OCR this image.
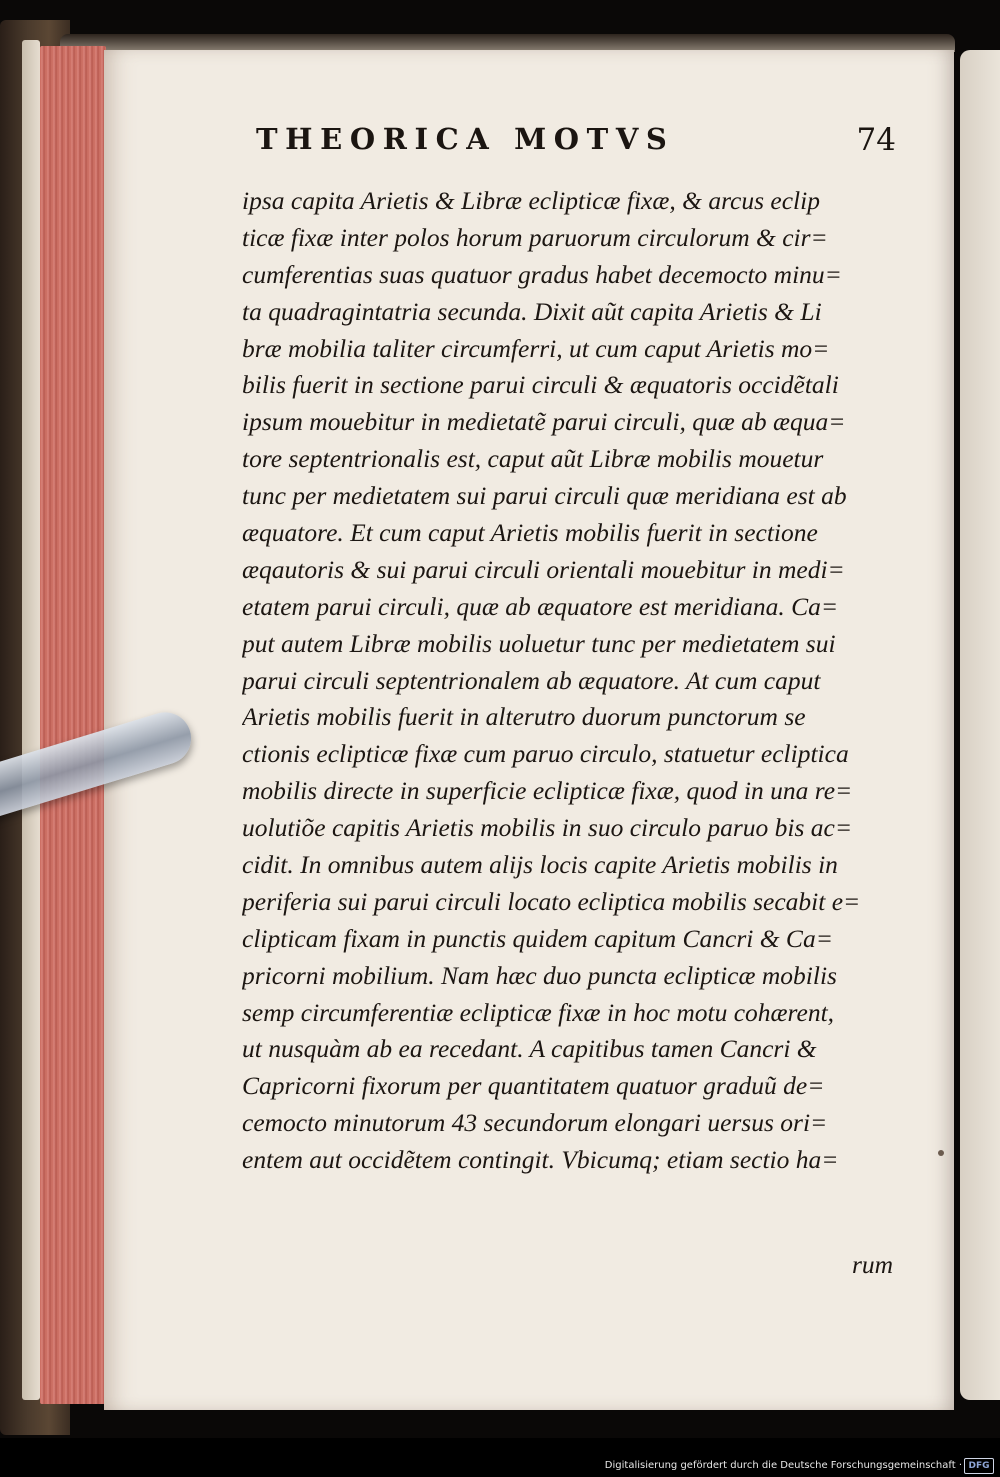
THEORICA MOTVS	74
ipsa capita Arietis & Libræ eclipticæ fixæ, & arcus eclip
ticæ fixæ inter polos horum paruorum circulorum & cir=
cumferentias suas quatuor gradus habet decemocto minu=
ta quadragintatria secunda. Dixit aũt capita Arietis & Li
bræ mobilia taliter circumferri, ut cum caput Arietis mo=
bilis fuerit in sectione parui circuli & æquatoris occidẽtali
ipsum mouebitur in medietatẽ parui circuli, quæ ab æqua=
tore septentrionalis est, caput aũt Libræ mobilis mouetur
tunc per medietatem sui parui circuli quæ meridiana est ab
æquatore. Et cum caput Arietis mobilis fuerit in sectione
æqautoris & sui parui circuli orientali mouebitur in medi=
etatem parui circuli, quæ ab æquatore est meridiana. Ca=
put autem Libræ mobilis uoluetur tunc per medietatem sui
parui circuli septentrionalem ab æquatore. At cum caput
Arietis mobilis fuerit in alterutro duorum punctorum se
ctionis eclipticæ fixæ cum paruo circulo, statuetur ecliptica
mobilis directe in superficie eclipticæ fixæ, quod in una re=
uolutiõe capitis Arietis mobilis in suo circulo paruo bis ac=
cidit. In omnibus autem alijs locis capite Arietis mobilis in
periferia sui parui circuli locato ecliptica mobilis secabit e=
clipticam fixam in punctis quidem capitum Cancri & Ca=
pricorni mobilium. Nam hæc duo puncta eclipticæ mobilis
semp circumferentiæ eclipticæ fixæ in hoc motu cohærent,
ut nusquàm ab ea recedant. A capitibus tamen Cancri &
Capricorni fixorum per quantitatem quatuor graduũ de=
cemocto minutorum 43 secundorum elongari uersus ori=
entem aut occidẽtem contingit. Vbicumq; etiam sectio ha=
rum
Digitalisierung gefördert durch die Deutsche Forschungsgemeinschaft · DFG
